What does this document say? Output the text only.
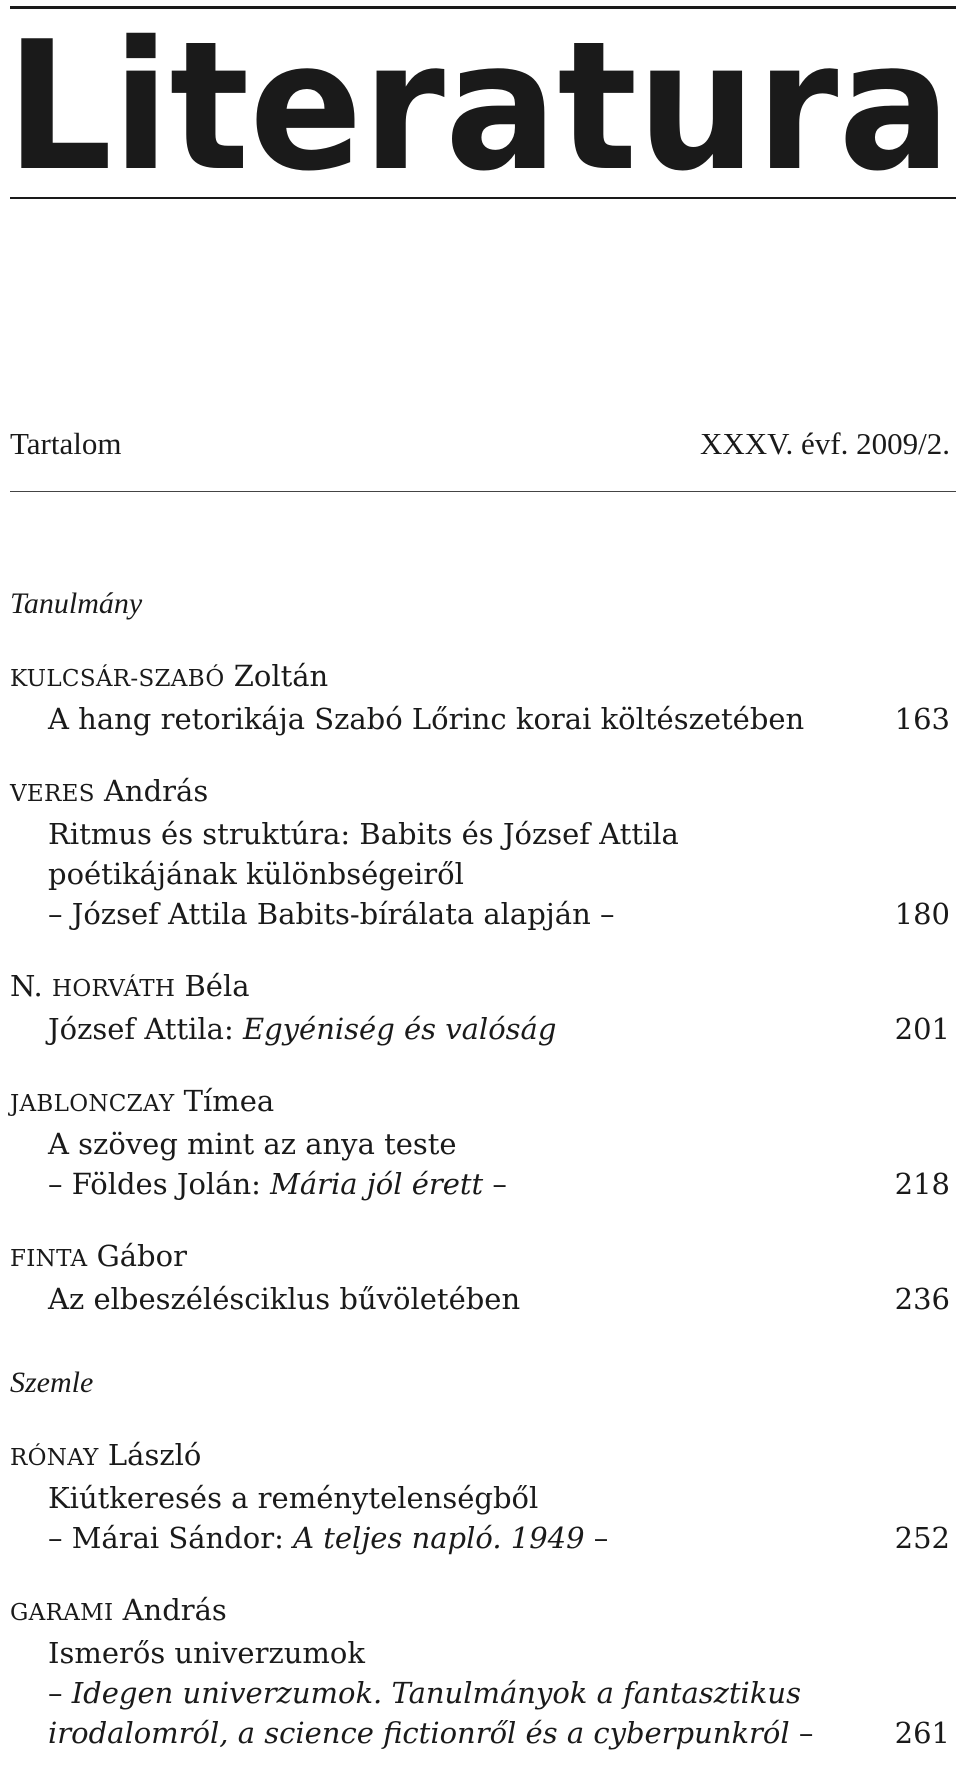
Literatura
Tartalom	XXXV. évf. 2009/2.
Tanulmány
KULCSÁR-SZABÓ Zoltán
A hang retorikája Szabó Lőrinc korai költészetében	163
VERES András
Ritmus és struktúra: Babits és József Attila
poétikájának különbségeiről
– József Attila Babits-bírálata alapján –	180
N. HORVÁTH Béla
József Attila: Egyéniség és valóság	201
JABLONCZAY Tímea
A szöveg mint az anya teste
– Földes Jolán: Mária jól érett –	218
FINTA Gábor
Az elbeszélésciklus bűvöletében	236
Szemle
RÓNAY László
Kiútkeresés a reménytelenségből
– Márai Sándor: A teljes napló. 1949 –	252
GARAMI András
Ismerős univerzumok
– Idegen univerzumok. Tanulmányok a fantasztikus
irodalomról, a science fictionről és a cyberpunkról –	261
